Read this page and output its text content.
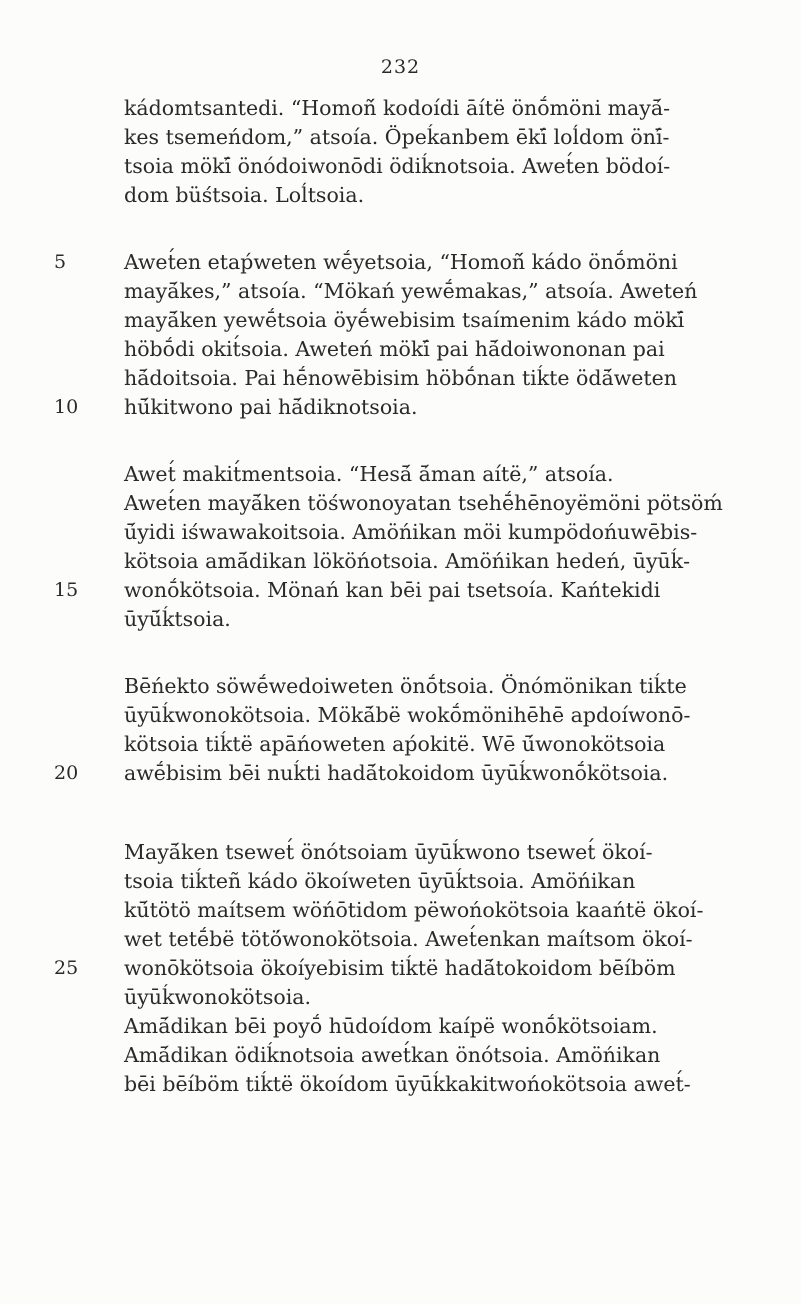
232
kádomtsantedi. “Homoñ́ kodoídi āítë önṓmöni mayā́-
kes tsemeńdom,” atsoía. Öpeḱanbem ēkī́ loĺdom önī́-
tsoia mökī́ önódoiwonōdi ödiḱnotsoia. Awet́en bödoí-
dom büśtsoia. Loĺtsoia.
5	Awet́en etaṕweten wḗyetsoia, “Homoñ́ kádo önṓmöni
mayā́kes,” atsoía. “Mökań yewḗmakas,” atsoía. Aweteń
mayā́ken yewḗtsoia öyḗwebisim tsaímenim kádo mökī́
höbṓdi okit́soia. Aweteń mökī́ pai hā́doiwononan pai
hā́doitsoia. Pai hḗnowēbisim höbṓnan tiḱte ödā́weten
10	hū́kitwono pai hā́diknotsoia.
Awet́ makit́mentsoia. “Hesā́ ā́man aítë,” atsoía.
Awet́en mayā́ken töśwonoyatan tsehḗhēnoyëmöni pötsöḿ
ū́yidi iśwawakoitsoia. Amöńikan möi kumpödońuwēbis-
kötsoia amā́dikan lököńotsoia. Amöńikan hedeń, ūyūḱ-
15	wonṓkötsoia. Mönań kan bēi pai tsetsoía. Kańtekidi
ūyū́ḱtsoia.
Bēńekto söwḗwedoiweten önṓtsoia. Önómönikan tiḱte
ūyūḱwonokötsoia. Mökā́bë wokṓmönihēhē apdoíwonō-
kötsoia tiḱtë apāńoweten aṕokitë. Wē ū́wonokötsoia
20	awḗbisim bēi nuḱti hadā́tokoidom ūyūḱwonṓkötsoia.
Mayā́ken tsewet́ önótsoiam ūyūḱwono tsewet́ ökoí-
tsoia tiḱteñ kádo ökoíweten ūyūḱtsoia. Amöńikan
kū́tötö maítsem wöńōtidom pëwońokötsoia kaańtë ökoí-
wet tetḗbë tötö́wonokötsoia. Awet́enkan maítsom ökoí-
25	wonōkötsoia ökoíyebisim tiḱtë hadā́tokoidom bēíböm
ūyūḱwonokötsoia.
Amā́dikan bēi poyṓ hūdoídom kaípë wonṓkötsoiam.
Amā́dikan ödiḱnotsoia awet́kan önótsoia. Amöńikan
bēi bēíböm tiḱtë ökoídom ūyūḱkakitwońokötsoia awet́-
